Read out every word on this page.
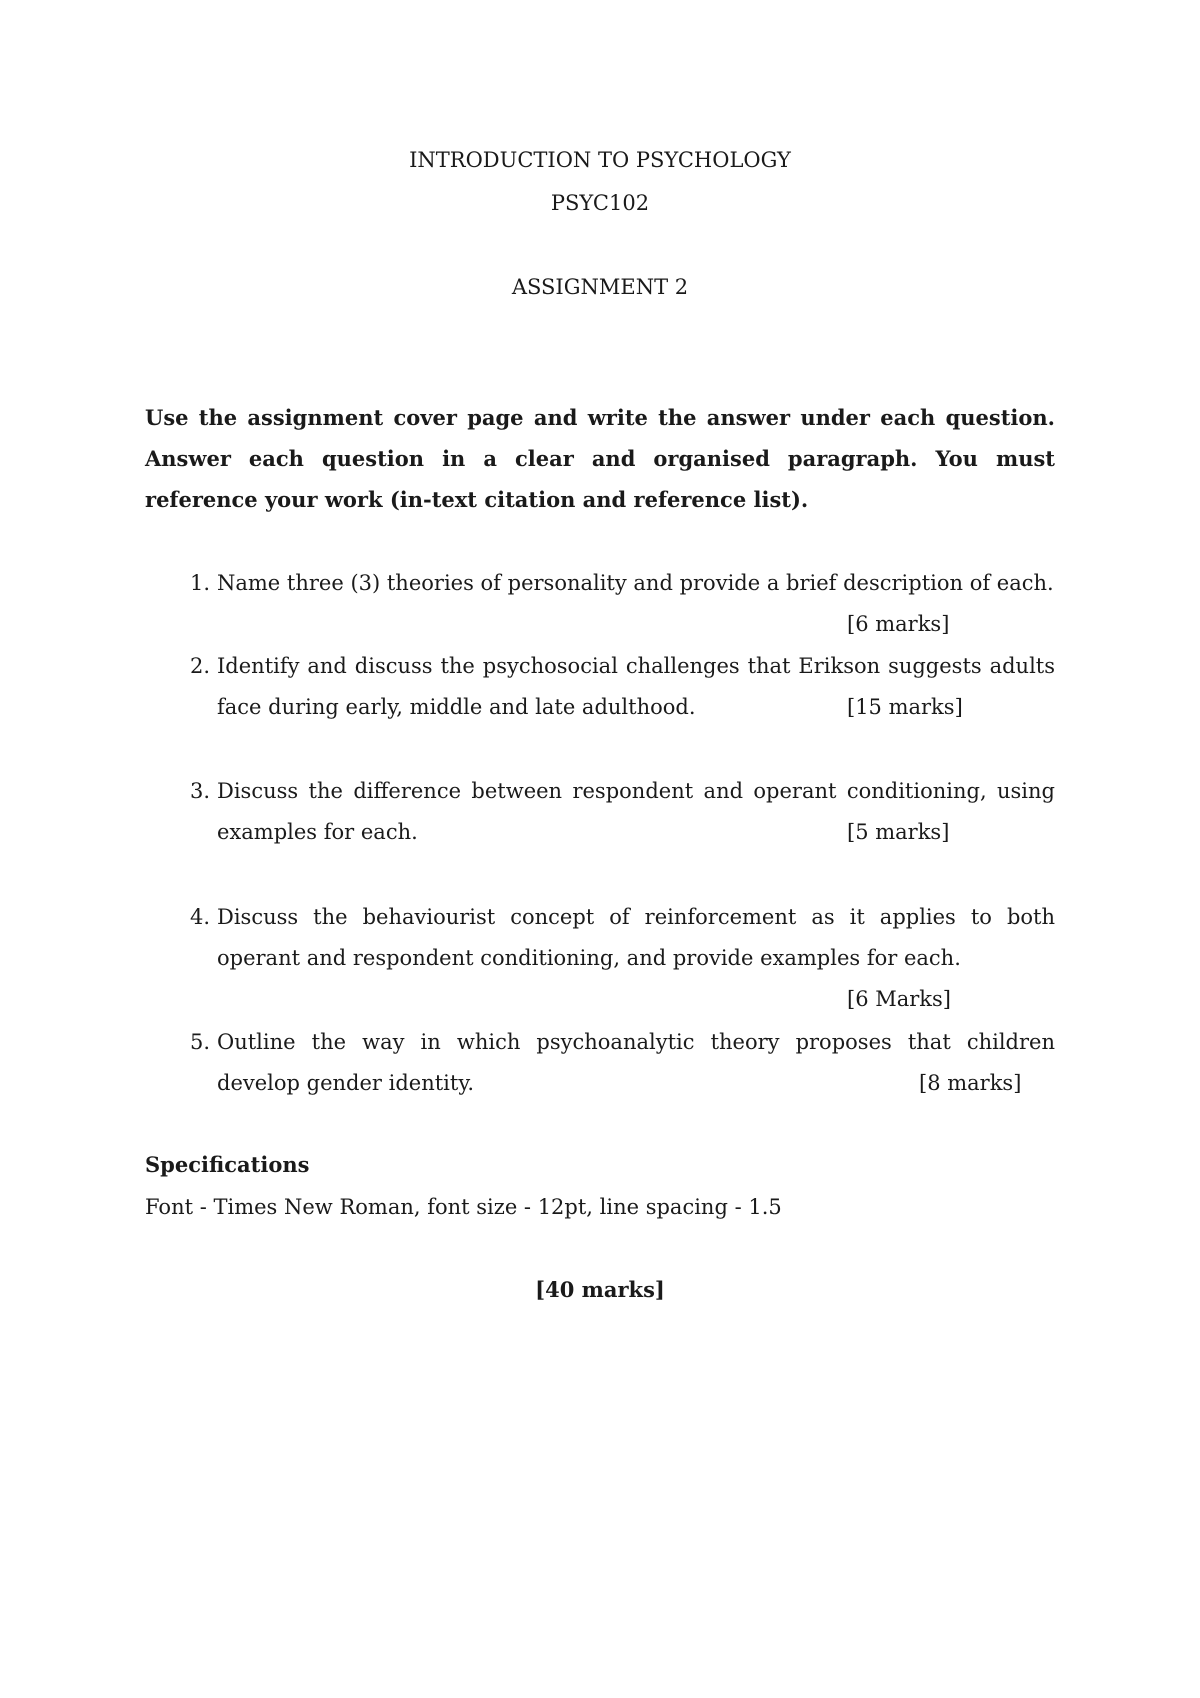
INTRODUCTION TO PSYCHOLOGY
PSYC102
ASSIGNMENT 2
Use the assignment cover page and write the answer under each question. Answer each question in a clear and organised paragraph. You must reference your work (in-text citation and reference list).
1. Name three (3) theories of personality and provide a brief description of each.
[6 marks]
2. Identify and discuss the psychosocial challenges that Erikson suggests adults face during early, middle and late adulthood.	[15 marks]
3. Discuss the difference between respondent and operant conditioning, using examples for each.	[5 marks]
4. Discuss the behaviourist concept of reinforcement as it applies to both operant and respondent conditioning, and provide examples for each.
[6 Marks]
5. Outline the way in which psychoanalytic theory proposes that children develop gender identity.	[8 marks]
Specifications
Font - Times New Roman, font size - 12pt, line spacing - 1.5
[40 marks]
